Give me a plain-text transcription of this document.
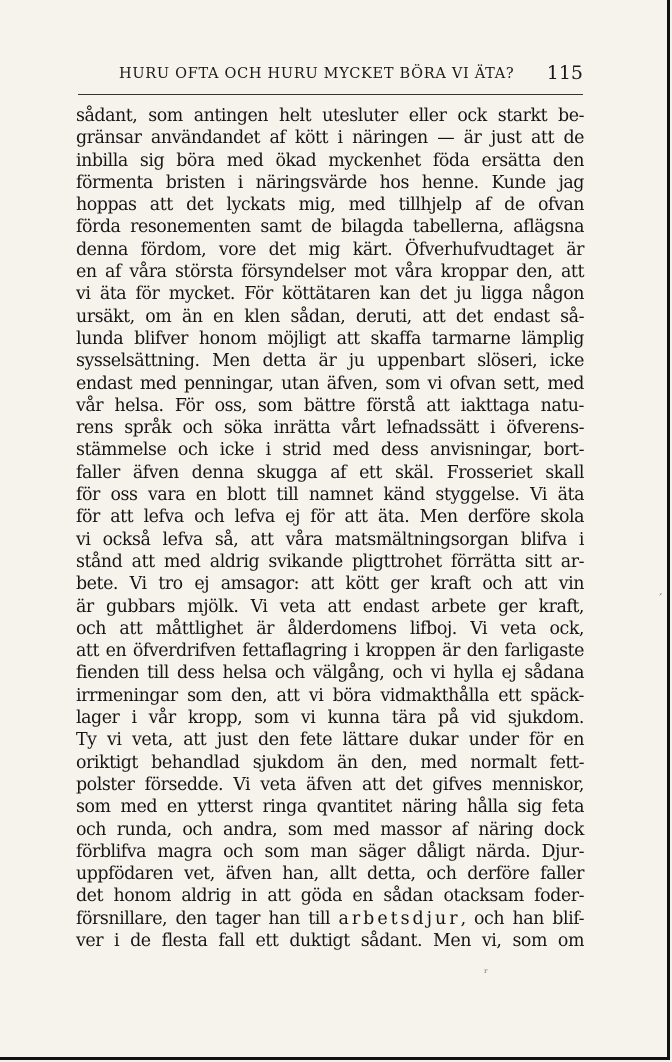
HURU OFTA OCH HURU MYCKET BÖRA VI ÄTA? 115
sådant, som antingen helt utesluter eller ock starkt be-
gränsar användandet af kött i näringen — är just att de
inbilla sig böra med ökad myckenhet föda ersätta den
förmenta bristen i näringsvärde hos henne. Kunde jag
hoppas att det lyckats mig, med tillhjelp af de ofvan
förda resonementen samt de bilagda tabellerna, aflägsna
denna fördom, vore det mig kärt. Öfverhufvudtaget är
en af våra största försyndelser mot våra kroppar den, att
vi äta för mycket. För köttätaren kan det ju ligga någon
ursäkt, om än en klen sådan, deruti, att det endast så-
lunda blifver honom möjligt att skaffa tarmarne lämplig
sysselsättning. Men detta är ju uppenbart slöseri, icke
endast med penningar, utan äfven, som vi ofvan sett, med
vår helsa. För oss, som bättre förstå att iakttaga natu-
rens språk och söka inrätta vårt lefnadssätt i öfverens-
stämmelse och icke i strid med dess anvisningar, bort-
faller äfven denna skugga af ett skäl. Frosseriet skall
för oss vara en blott till namnet känd styggelse. Vi äta
för att lefva och lefva ej för att äta. Men derföre skola
vi också lefva så, att våra matsmältningsorgan blifva i
stånd att med aldrig svikande pligttrohet förrätta sitt ar-
bete. Vi tro ej amsagor: att kött ger kraft och att vin
är gubbars mjölk. Vi veta att endast arbete ger kraft,
och att måttlighet är ålderdomens lifboj. Vi veta ock,
att en öfverdrifven fettaflagring i kroppen är den farligaste
fienden till dess helsa och välgång, och vi hylla ej sådana
irrmeningar som den, att vi böra vidmakthålla ett späck-
lager i vår kropp, som vi kunna tära på vid sjukdom.
Ty vi veta, att just den fete lättare dukar under för en
oriktigt behandlad sjukdom än den, med normalt fett-
polster försedde. Vi veta äfven att det gifves menniskor,
som med en ytterst ringa qvantitet näring hålla sig feta
och runda, och andra, som med massor af näring dock
förblifva magra och som man säger dåligt närda. Djur-
uppfödaren vet, äfven han, allt detta, och derföre faller
det honom aldrig in att göda en sådan otacksam foder-
försnillare, den tager han till arbetsdjur, och han blif-
ver i de flesta fall ett duktigt sådant. Men vi, som om
ˊ
ʳ
